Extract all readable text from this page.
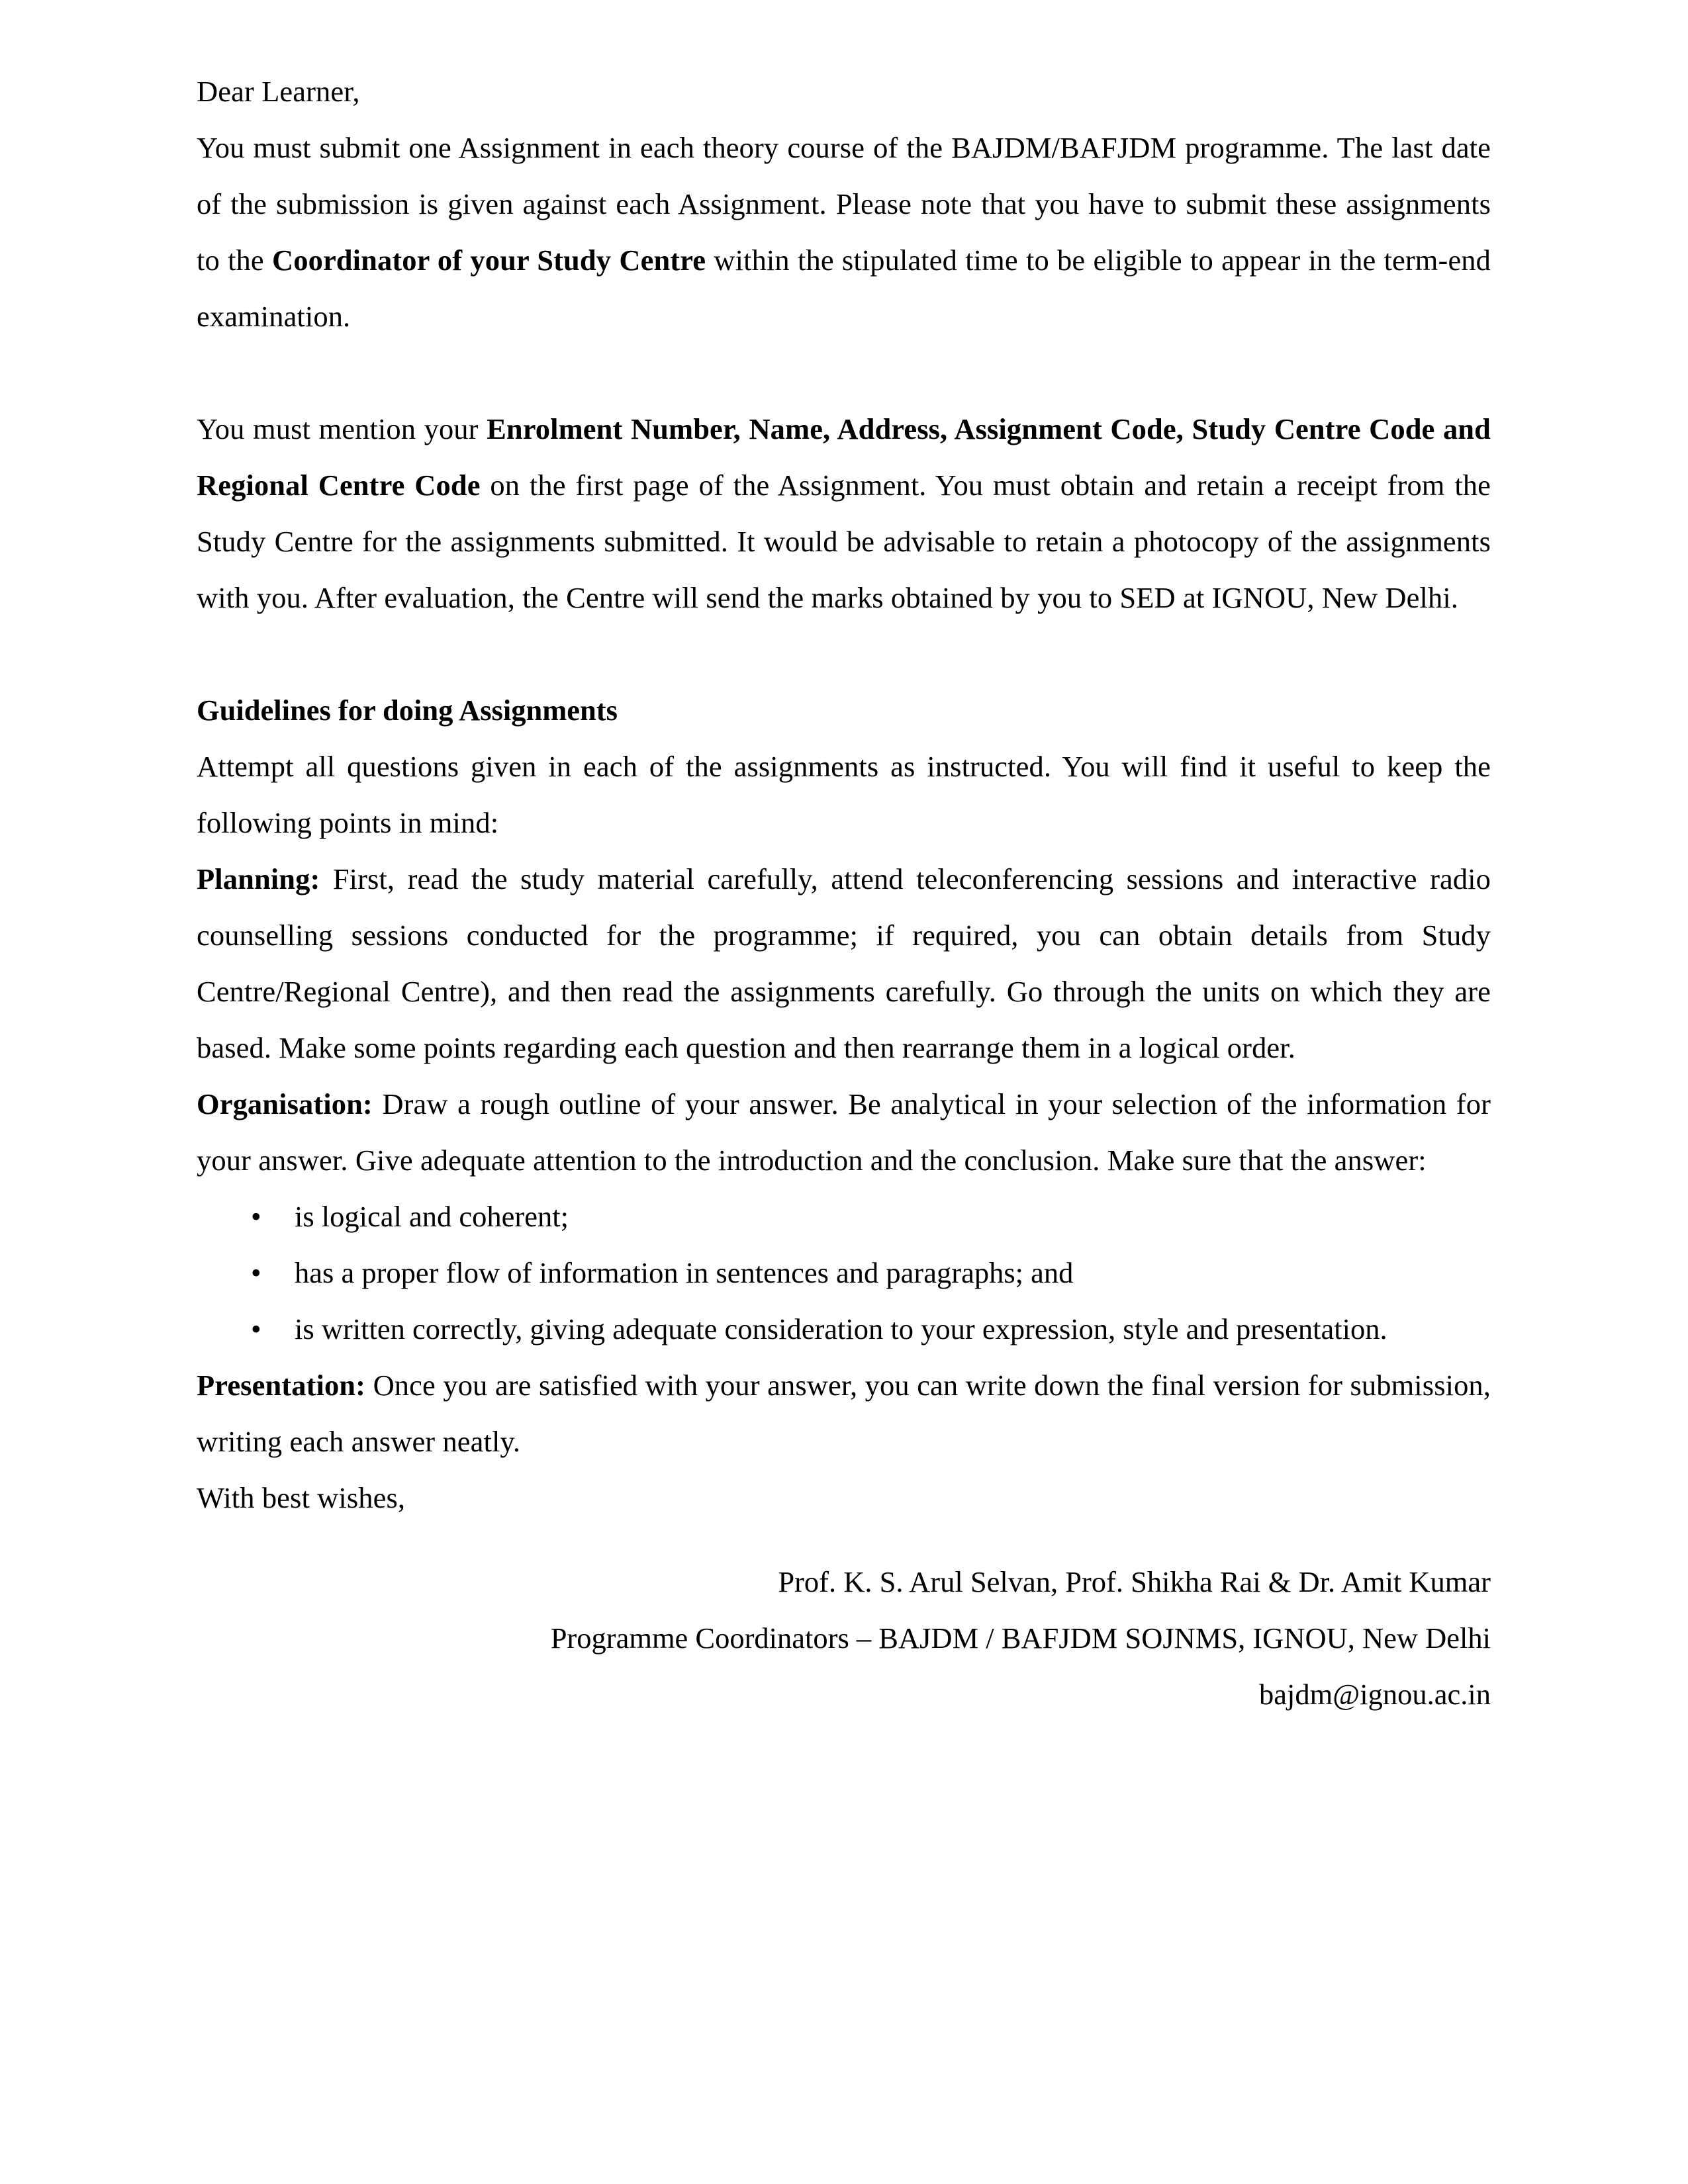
Dear Learner,

You must submit one Assignment in each theory course of the BAJDM/BAFJDM programme. The last date of the submission is given against each Assignment. Please note that you have to submit these assignments to the Coordinator of your Study Centre within the stipulated time to be eligible to appear in the term-end examination.

You must mention your Enrolment Number, Name, Address, Assignment Code, Study Centre Code and Regional Centre Code on the first page of the Assignment. You must obtain and retain a receipt from the Study Centre for the assignments submitted. It would be advisable to retain a photocopy of the assignments with you. After evaluation, the Centre will send the marks obtained by you to SED at IGNOU, New Delhi.

Guidelines for doing Assignments

Attempt all questions given in each of the assignments as instructed. You will find it useful to keep the following points in mind:

Planning: First, read the study material carefully, attend teleconferencing sessions and interactive radio counselling sessions conducted for the programme; if required, you can obtain details from Study Centre/Regional Centre), and then read the assignments carefully. Go through the units on which they are based. Make some points regarding each question and then rearrange them in a logical order.

Organisation: Draw a rough outline of your answer. Be analytical in your selection of the information for your answer. Give adequate attention to the introduction and the conclusion. Make sure that the answer:

• is logical and coherent;
• has a proper flow of information in sentences and paragraphs; and
• is written correctly, giving adequate consideration to your expression, style and presentation.

Presentation: Once you are satisfied with your answer, you can write down the final version for submission, writing each answer neatly.

With best wishes,

Prof. K. S. Arul Selvan, Prof. Shikha Rai & Dr. Amit Kumar
Programme Coordinators – BAJDM / BAFJDM SOJNMS, IGNOU, New Delhi
bajdm@ignou.ac.in
